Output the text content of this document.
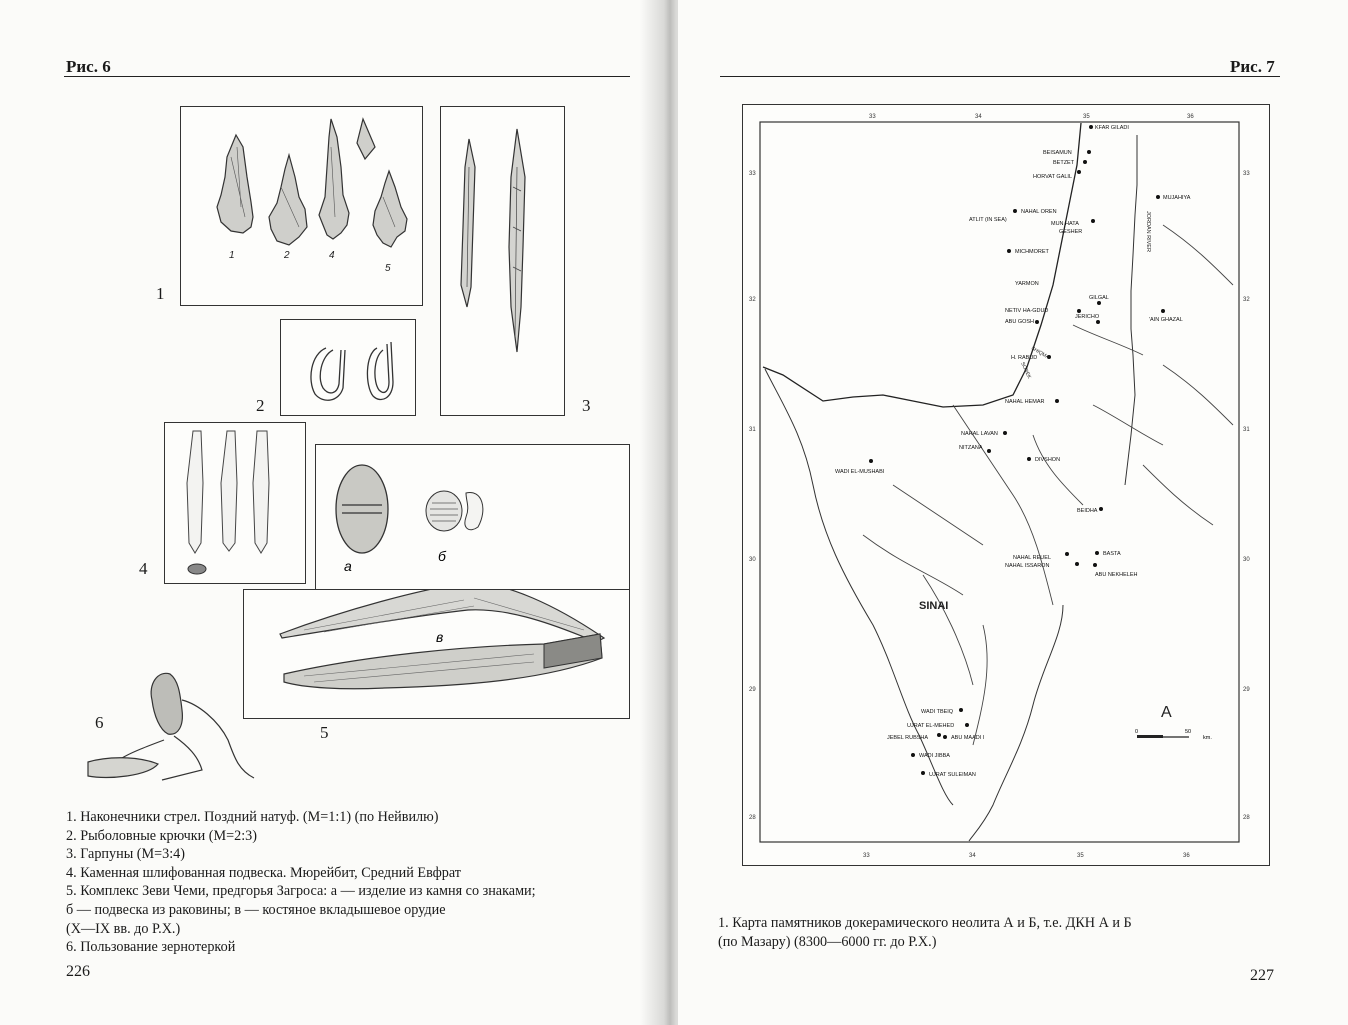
Рис. 6
1	2	4
5
а
б
в
1
2	3
4
5
6
1. Наконечники стрел. Поздний натуф. (М=1:1) (по Нейвилю)
2. Рыболовные крючки (М=2:3)
3. Гарпуны (М=3:4)
4. Каменная шлифованная подвеска. Мюрейбит, Средний Евфрат
5. Комплекс Зеви Чеми, предгорья Загроса: а — изделие из камня со знаками;
б — подвеска из раковины; в — костяное вкладышевое орудие
(X—IX вв. до Р.Х.)
6. Пользование зернотеркой
226
Рис. 7
33	34	35	36
33	34	35	36
33
32
31
30
29
28
33
32
31
30
29
28
KFAR GILADI
BEISAMUN
BETZET
HORVAT GALIL
MUJAHIYA
ATLIT (IN SEA)
NAHAL OREN
MUN HATA
GESHER
MICHMORET
YARMON
GILGAL
NETIV HA-GDUD
ABU GOSH
JERICHO	'AIN GHAZAL
H. RABUD
NAHAL HEMAR
NAHAL LAVAN
NITZANA
DIVSHON
WADI EL-MUSHABI
BEIDHA
BASTA
NAHAL REUEL
NAHAL ISSARON
ABU NEKHELEH
WADI TBEIQ
UJRAT EL-MEHED
JEBEL RUBSHA	ABU MAADI I
WADI JIBBA
UJRAT SULEIMAN
SINAI
JORDAN RIVER
SOREK
SHIQMA
A
0	50
km.
1. Карта памятников докерамического неолита А и Б, т.е. ДКН А и Б
(по Мазару) (8300—6000 гг. до Р.Х.)
227
